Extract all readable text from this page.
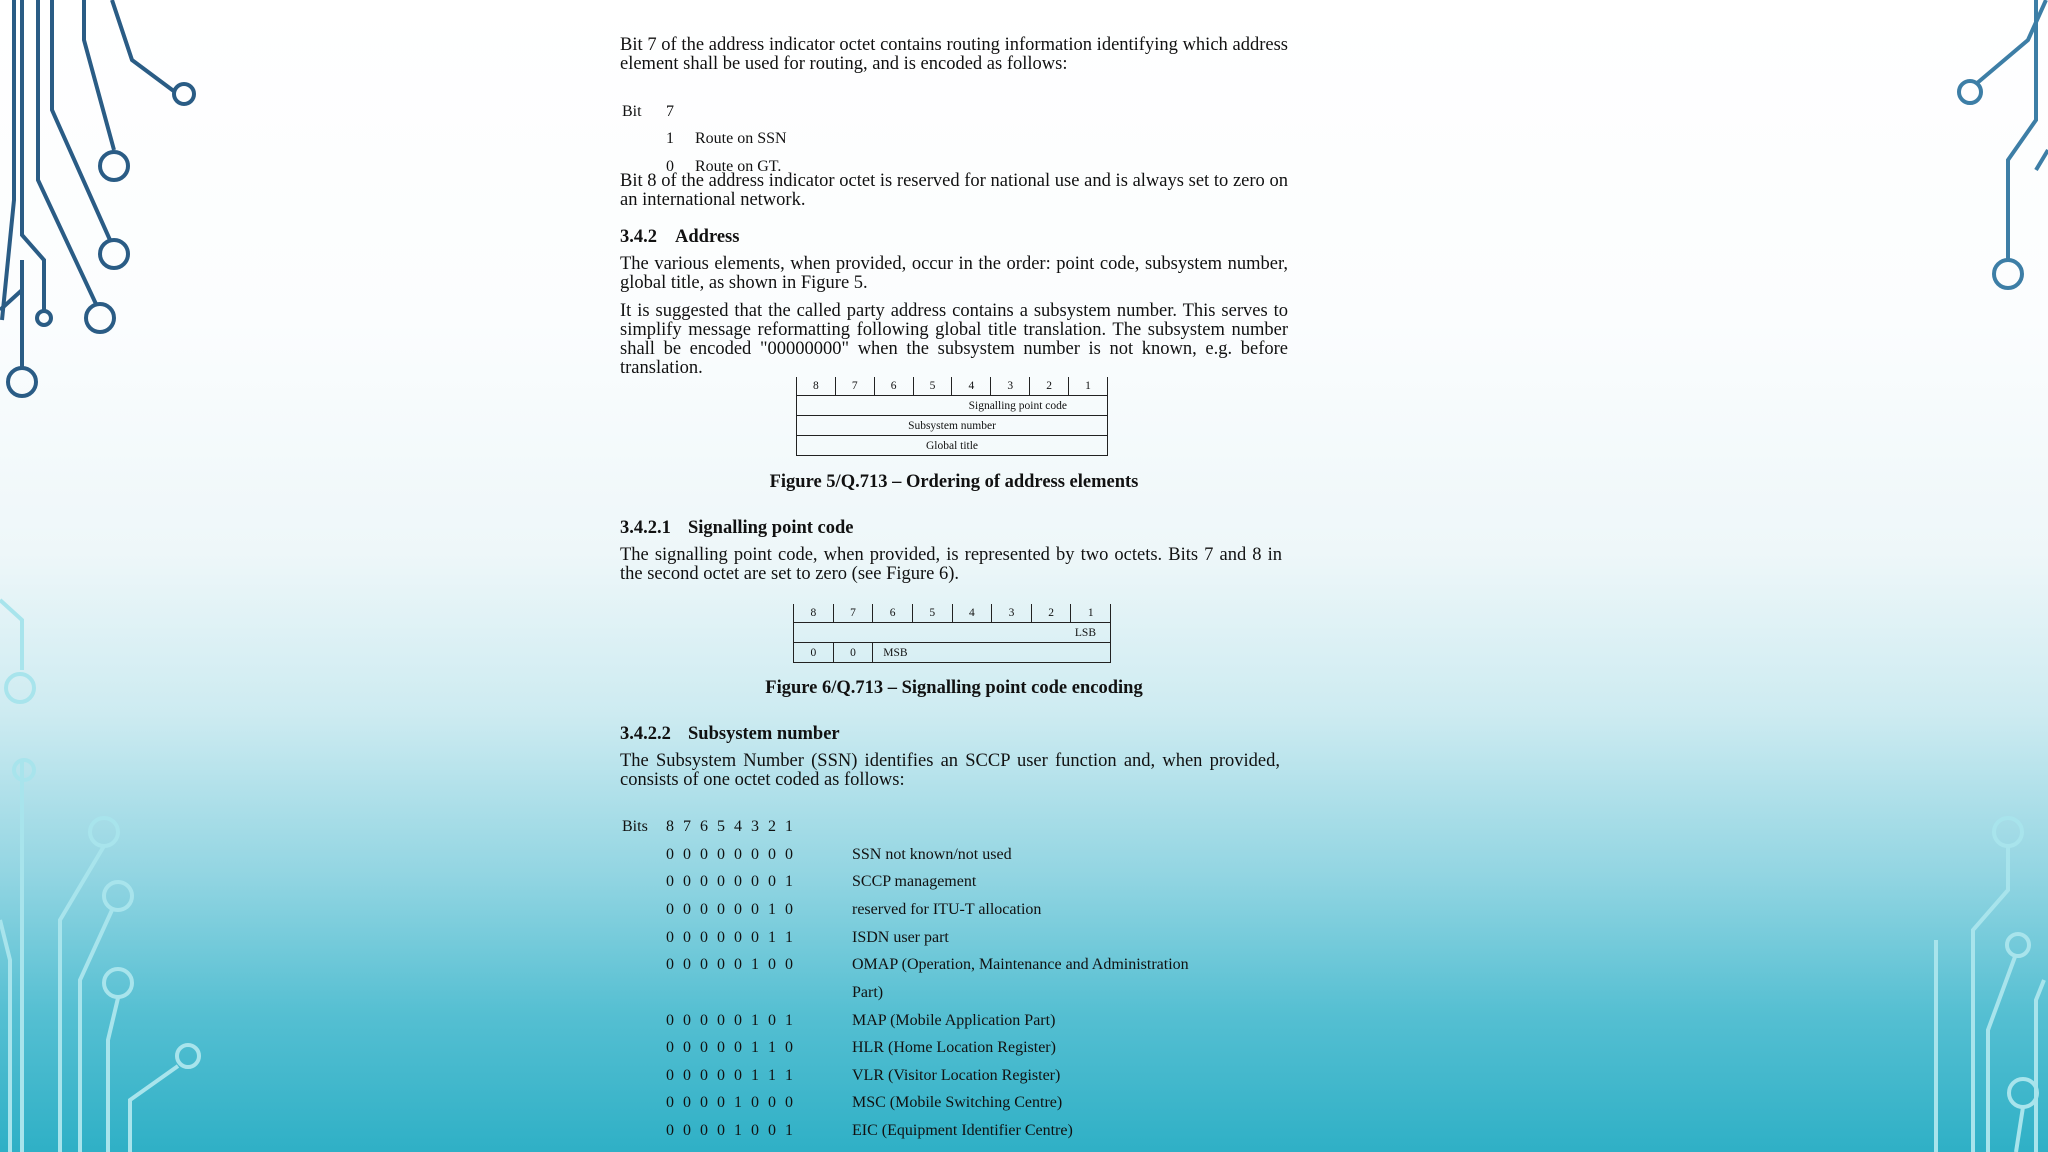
Bit 7 of the address indicator octet contains routing information identifying which address element shall be used for routing, and is encoded as follows:

Bit 7
1 Route on SSN
0 Route on GT.

Bit 8 of the address indicator octet is reserved for national use and is always set to zero on an international network.

3.4.2 Address

The various elements, when provided, occur in the order: point code, subsystem number, global title, as shown in Figure 5.

It is suggested that the called party address contains a subsystem number. This serves to simplify message reformatting following global title translation. The subsystem number shall be encoded "00000000" when the subsystem number is not known, e.g. before translation.

8	7	6	5	4	3	2	1
Signalling point code
Subsystem number
Global title
Figure 5/Q.713 – Ordering of address elements
3.4.2.1 Signalling point code

The signalling point code, when provided, is represented by two octets. Bits 7 and 8 in the second octet are set to zero (see Figure 6).

8	7	6	5	4	3	2	1
LSB							
0	0	MSB					
Figure 6/Q.713 – Signalling point code encoding
3.4.2.2 Subsystem number

The Subsystem Number (SSN) identifies an SCCP user function and, when provided, consists of one octet coded as follows:

Bits 8 7 6 5 4 3 2 1
0 0 0 0 0 0 0 0	SSN not known/not used
0 0 0 0 0 0 0 1	SCCP management
0 0 0 0 0 0 1 0	reserved for ITU-T allocation
0 0 0 0 0 0 1 1	ISDN user part
0 0 0 0 0 1 0 0	OMAP (Operation, Maintenance and Administration
Part)
0 0 0 0 0 1 0 1	MAP (Mobile Application Part)
0 0 0 0 0 1 1 0	HLR (Home Location Register)
0 0 0 0 0 1 1 1	VLR (Visitor Location Register)
0 0 0 0 1 0 0 0	MSC (Mobile Switching Centre)
0 0 0 0 1 0 0 1	EIC (Equipment Identifier Centre)
